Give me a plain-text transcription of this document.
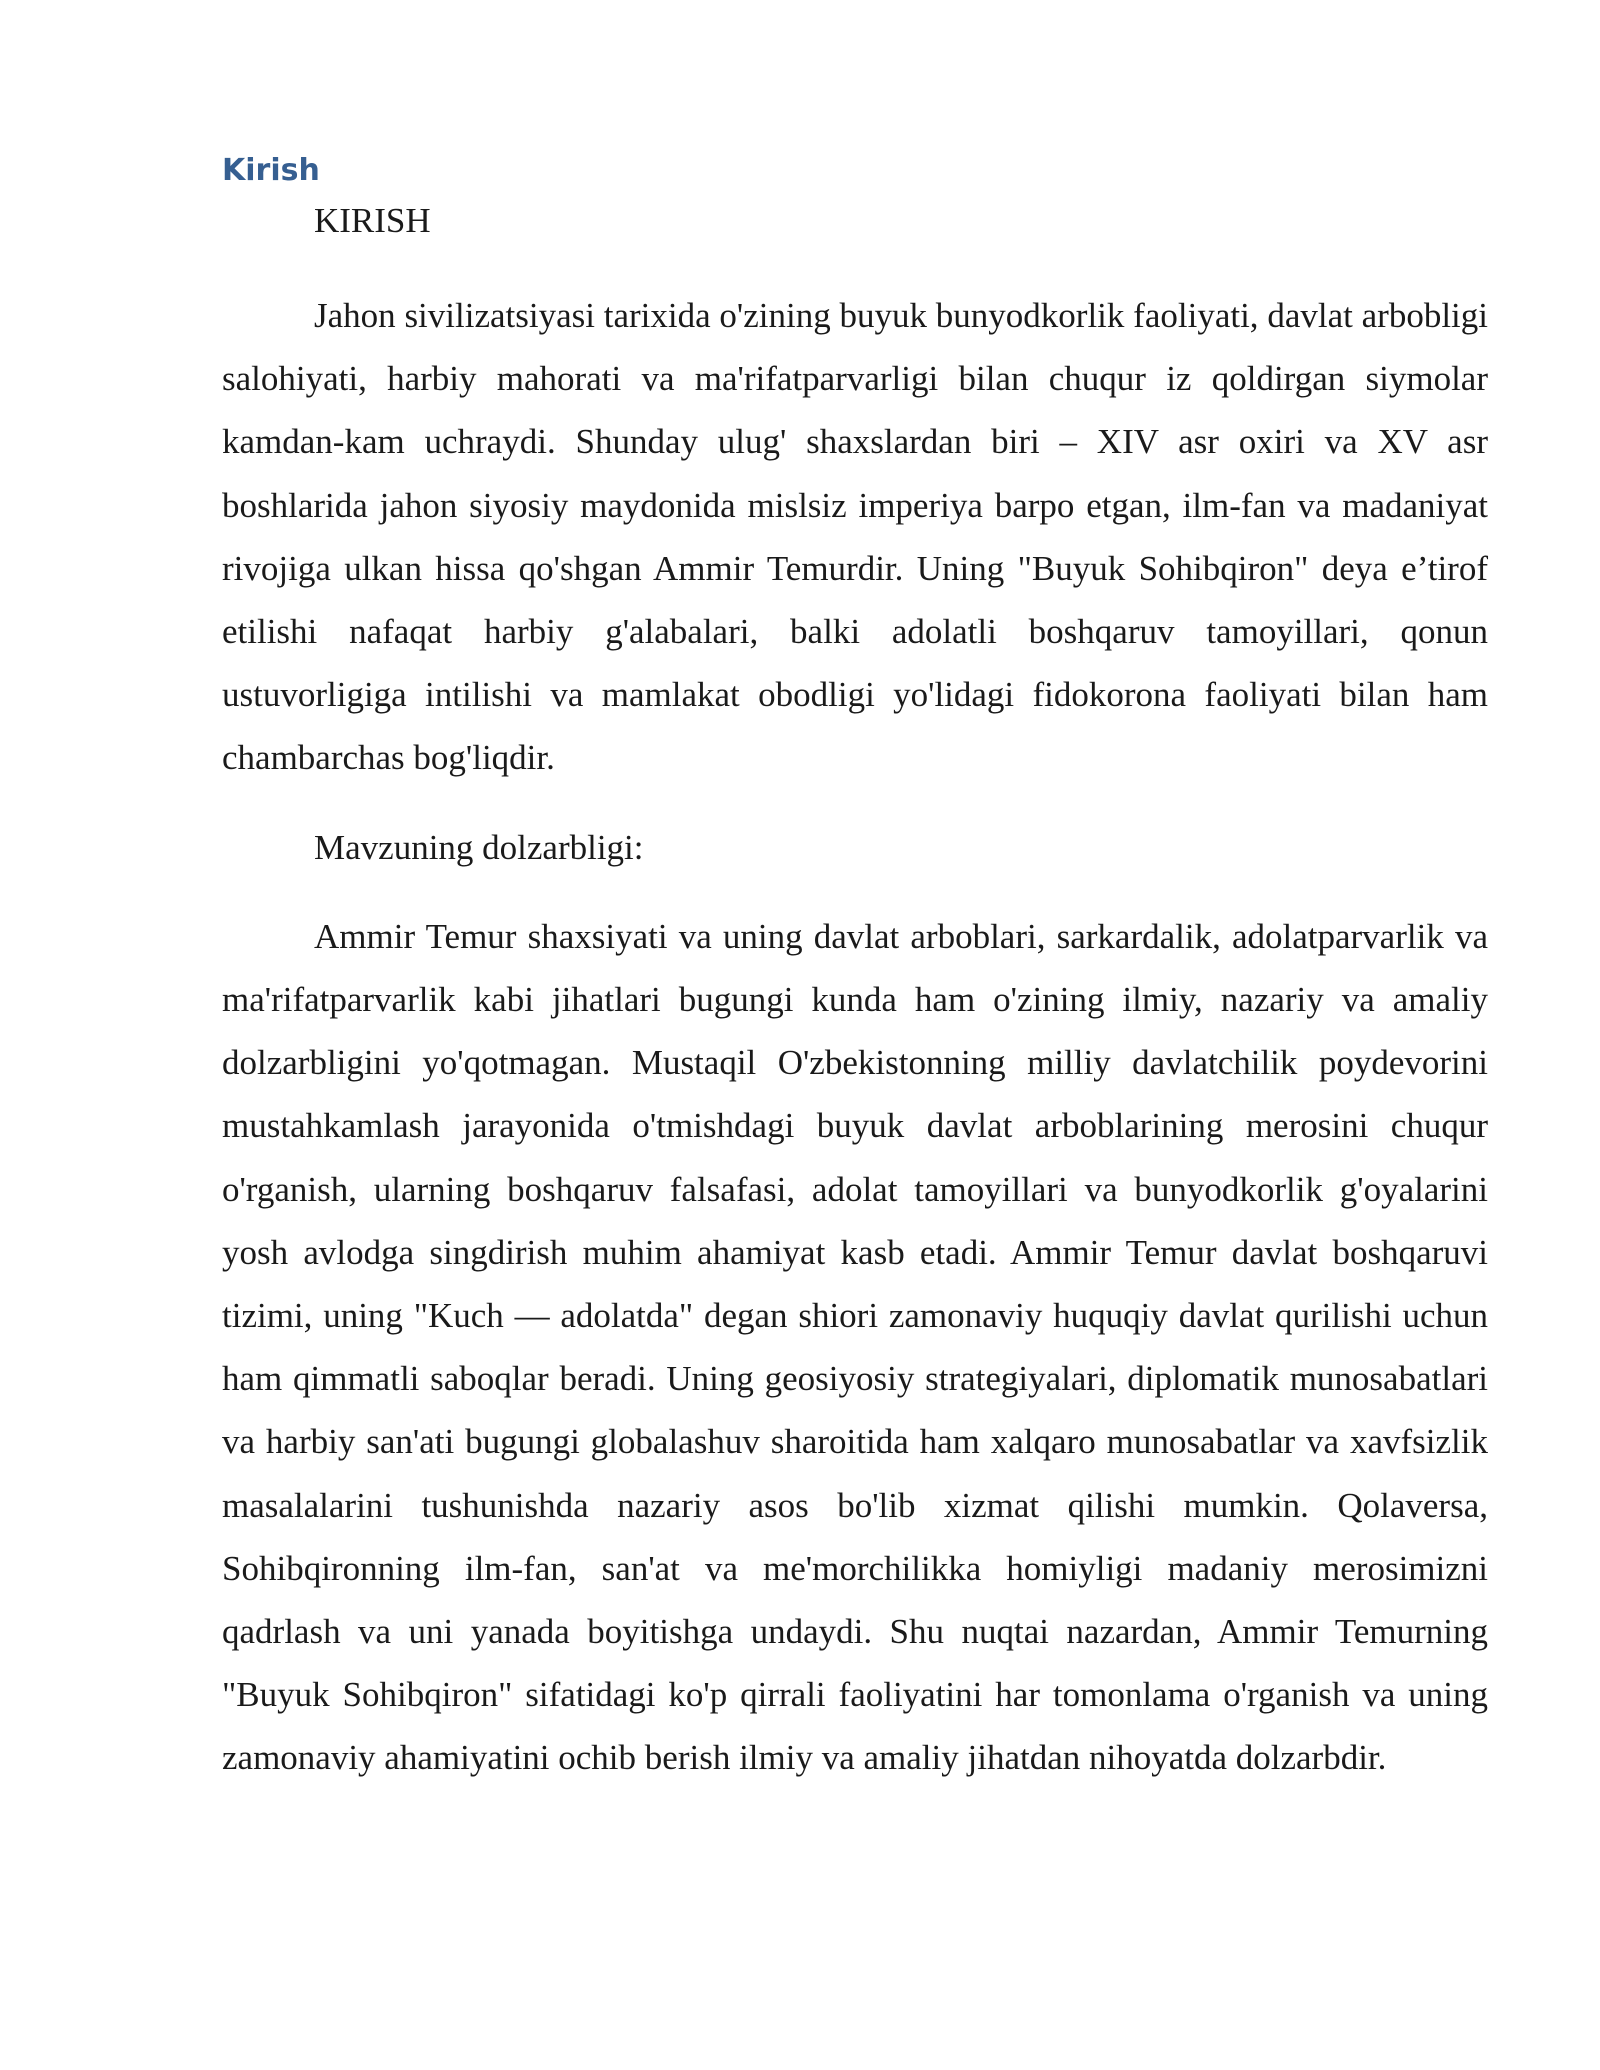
Kirish

KIRISH

Jahon sivilizatsiyasi tarixida o'zining buyuk bunyodkorlik faoliyati, davlat arbobligi salohiyati, harbiy mahorati va ma'rifatparvarligi bilan chuqur iz qoldirgan siymolar kamdan-kam uchraydi. Shunday ulug' shaxslardan biri – XIV asr oxiri va XV asr boshlarida jahon siyosiy maydonida mislsiz imperiya barpo etgan, ilm-fan va madaniyat rivojiga ulkan hissa qo'shgan Ammir Temurdir. Uning "Buyuk Sohibqiron" deya e’tirof etilishi nafaqat harbiy g'alabalari, balki adolatli boshqaruv tamoyillari, qonun ustuvorligiga intilishi va mamlakat obodligi yo'lidagi fidokorona faoliyati bilan ham chambarchas bog'liqdir.

Mavzuning dolzarbligi:

Ammir Temur shaxsiyati va uning davlat arboblari, sarkardalik, adolatparvarlik va ma'rifatparvarlik kabi jihatlari bugungi kunda ham o'zining ilmiy, nazariy va amaliy dolzarbligini yo'qotmagan. Mustaqil O'zbekistonning milliy davlatchilik poydevorini mustahkamlash jarayonida o'tmishdagi buyuk davlat arboblarining merosini chuqur o'rganish, ularning boshqaruv falsafasi, adolat tamoyillari va bunyodkorlik g'oyalarini yosh avlodga singdirish muhim ahamiyat kasb etadi. Ammir Temur davlat boshqaruvi tizimi, uning "Kuch — adolatda" degan shiori zamonaviy huquqiy davlat qurilishi uchun ham qimmatli saboqlar beradi. Uning geosiyosiy strategiyalari, diplomatik munosabatlari va harbiy san'ati bugungi globalashuv sharoitida ham xalqaro munosabatlar va xavfsizlik masalalarini tushunishda nazariy asos bo'lib xizmat qilishi mumkin. Qolaversa, Sohibqironning ilm-fan, san'at va me'morchilikka homiyligi madaniy merosimizni qadrlash va uni yanada boyitishga undaydi. Shu nuqtai nazardan, Ammir Temurning "Buyuk Sohibqiron" sifatidagi ko'p qirrali faoliyatini har tomonlama o'rganish va uning zamonaviy ahamiyatini ochib berish ilmiy va amaliy jihatdan nihoyatda dolzarbdir.
